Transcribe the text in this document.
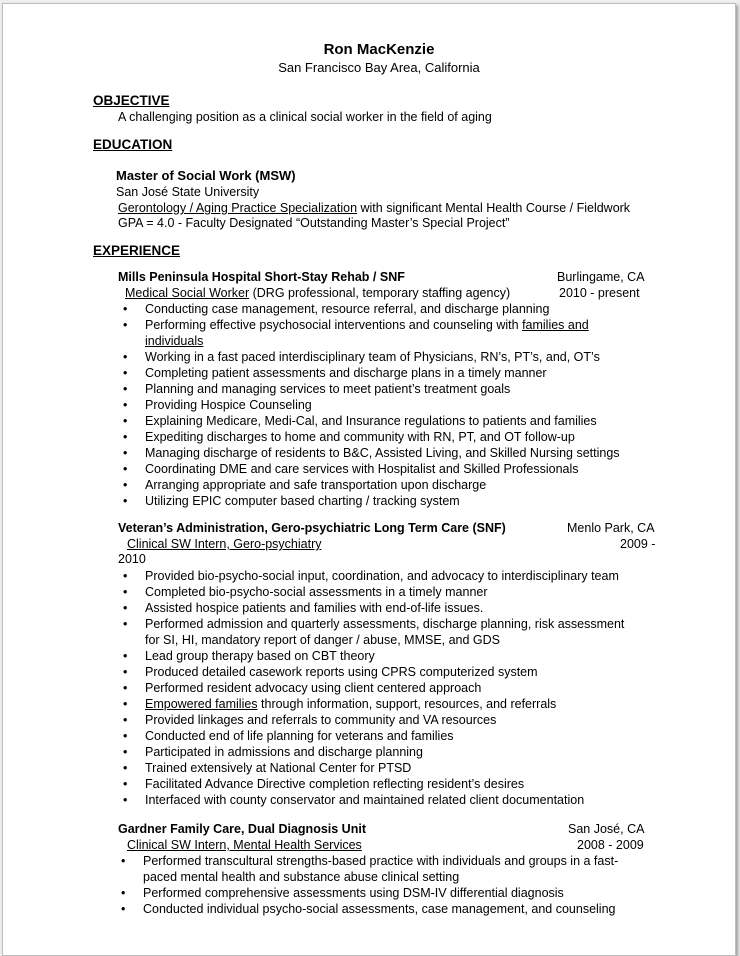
Ron MacKenzie
San Francisco Bay Area, California
OBJECTIVE
A challenging position as a clinical social worker in the field of aging
EDUCATION
Master of Social Work (MSW)
San José State University
Gerontology / Aging Practice Specialization with significant Mental Health Course / Fieldwork
GPA = 4.0 - Faculty Designated “Outstanding Master’s Special Project”
EXPERIENCE
Mills Peninsula Hospital Short-Stay Rehab / SNF	Burlingame, CA
Medical Social Worker (DRG professional, temporary staffing agency)	2010 - present
• Conducting case management, resource referral, and discharge planning
• Performing effective psychosocial interventions and counseling with families and
individuals
• Working in a fast paced interdisciplinary team of Physicians, RN’s, PT’s, and, OT’s
• Completing patient assessments and discharge plans in a timely manner
• Planning and managing services to meet patient’s treatment goals
• Providing Hospice Counseling
• Explaining Medicare, Medi-Cal, and Insurance regulations to patients and families
• Expediting discharges to home and community with RN, PT, and OT follow-up
• Managing discharge of residents to B&C, Assisted Living, and Skilled Nursing settings
• Coordinating DME and care services with Hospitalist and Skilled Professionals
• Arranging appropriate and safe transportation upon discharge
• Utilizing EPIC computer based charting / tracking system
Veteran’s Administration, Gero-psychiatric Long Term Care (SNF)	Menlo Park, CA
Clinical SW Intern, Gero-psychiatry	2009 -
2010
• Provided bio-psycho-social input, coordination, and advocacy to interdisciplinary team
• Completed bio-psycho-social assessments in a timely manner
• Assisted hospice patients and families with end-of-life issues.
• Performed admission and quarterly assessments, discharge planning, risk assessment
for SI, HI, mandatory report of danger / abuse, MMSE, and GDS
• Lead group therapy based on CBT theory
• Produced detailed casework reports using CPRS computerized system
• Performed resident advocacy using client centered approach
• Empowered families through information, support, resources, and referrals
• Provided linkages and referrals to community and VA resources
• Conducted end of life planning for veterans and families
• Participated in admissions and discharge planning
• Trained extensively at National Center for PTSD
• Facilitated Advance Directive completion reflecting resident’s desires
• Interfaced with county conservator and maintained related client documentation
Gardner Family Care, Dual Diagnosis Unit	San José, CA
Clinical SW Intern, Mental Health Services	2008 - 2009
• Performed transcultural strengths-based practice with individuals and groups in a fast-
paced mental health and substance abuse clinical setting
• Performed comprehensive assessments using DSM-IV differential diagnosis
• Conducted individual psycho-social assessments, case management, and counseling
